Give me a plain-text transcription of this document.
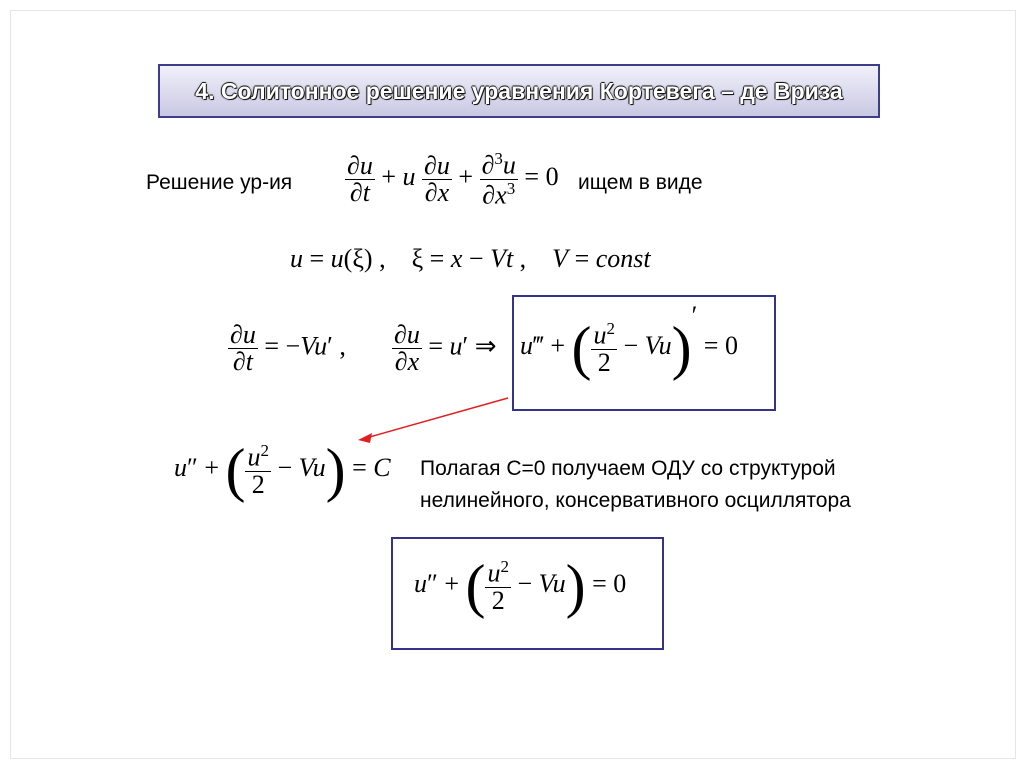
4. Солитонное решение уравнения Кортевега – де Вриза
Решение $ур-ия \frac{\partial u}{\partial t} + u \frac{\partial u}{\partial x} + \frac{\partial^3u}{\partial x^3} = 0$ ищем в виде
u = u(ξ) ,    ξ = x − Vt ,    V = const
$\frac{\partial u}{\partial t} = -Vu'$ , $\frac{\partial u}{\partial x} = u'$ ⇒ u‴ + ( $\frac{u^2}{2} - Vu)' = 0$
u″ + ( $\frac{u^2}{2} - Vu) = C$ Полагая C=0 получаем ОДУ со структурой
нелинейного, консервативного осциллятора
u″ + ( $\frac{u^2}{2} - Vu) = 0$
